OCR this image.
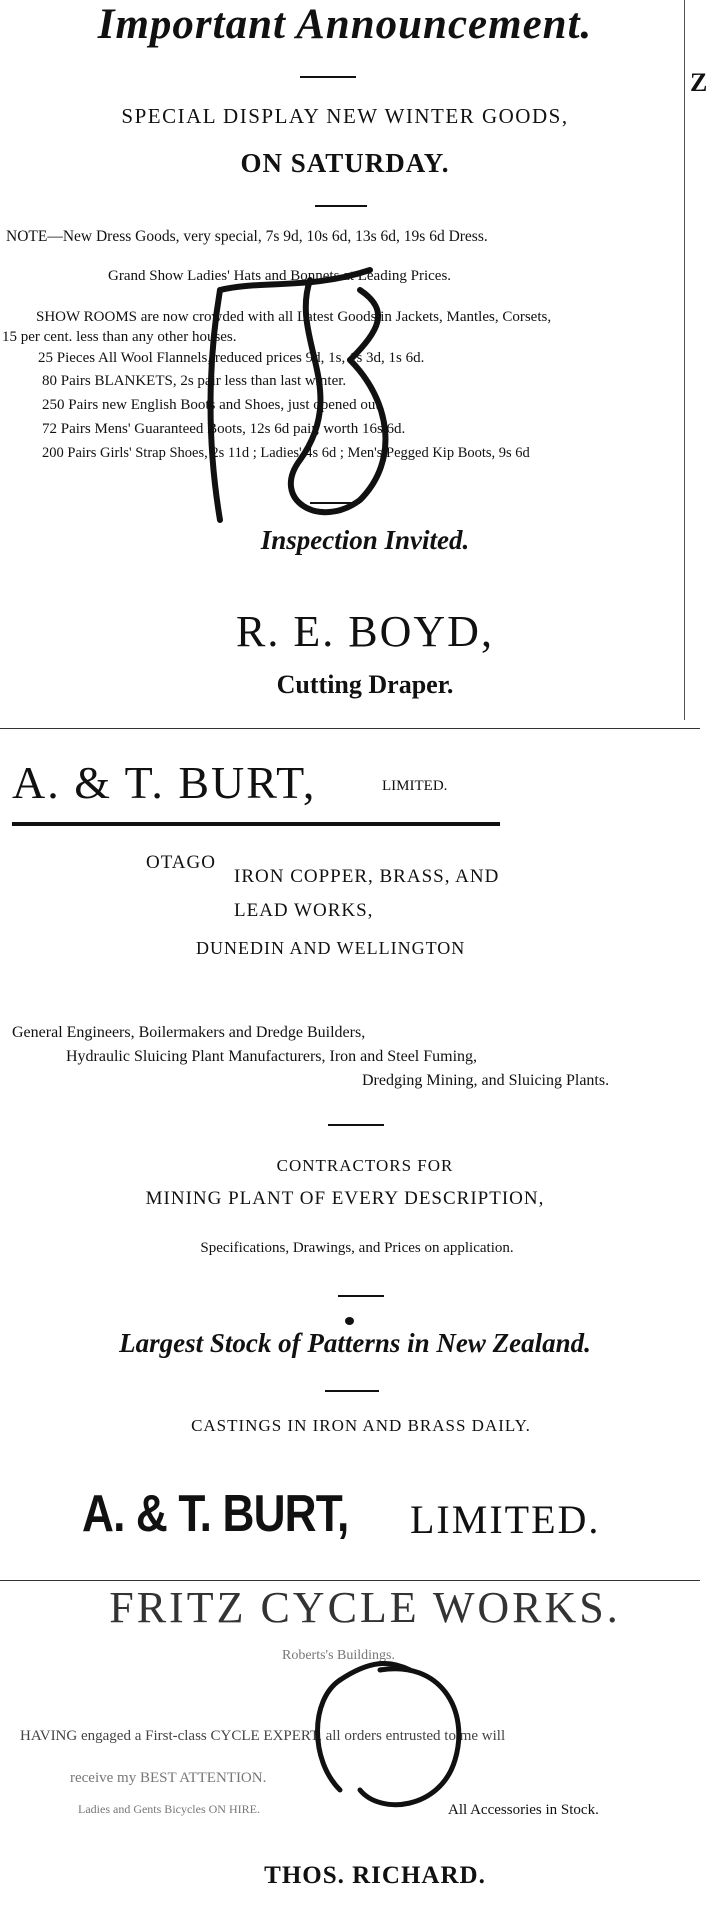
Important Announcement.
SPECIAL DISPLAY NEW WINTER GOODS,
ON SATURDAY.
NOTE—New Dress Goods, very special, 7s 9d, 10s 6d, 13s 6d, 19s 6d Dress.
Grand Show Ladies' Hats and Bonnets at Leading Prices.
SHOW ROOMS are now crowded with all Latest Goods in Jackets, Mantles, Corsets,
15 per cent. less than any other houses.
25 Pieces All Wool Flannels, reduced prices 9d, 1s, 1s 3d, 1s 6d.
80 Pairs BLANKETS, 2s pair less than last winter.
250 Pairs new English Boots and Shoes, just opened out.
72 Pairs Mens' Guaranteed Boots, 12s 6d pair, worth 16s 6d.
200 Pairs Girls' Strap Shoes, 2s 11d ; Ladies' 4s 6d ; Men's Pegged Kip Boots, 9s 6d
Inspection Invited.
R. E. BOYD,
Cutting Draper.
Z
A. & T. BURT,	LIMITED.
OTAGO
IRON COPPER, BRASS, AND
LEAD WORKS,
DUNEDIN AND WELLINGTON
General Engineers, Boilermakers and Dredge Builders,
Hydraulic Sluicing Plant Manufacturers, Iron and Steel Fuming,
Dredging Mining, and Sluicing Plants.
CONTRACTORS FOR
MINING PLANT OF EVERY DESCRIPTION,
Specifications, Drawings, and Prices on application.
Largest Stock of Patterns in New Zealand.
CASTINGS IN IRON AND BRASS DAILY.
A. & T. BURT, LIMITED.
FRITZ CYCLE WORKS.
Roberts's Buildings.
HAVING engaged a First-class CYCLE EXPERT, all orders entrusted to me will
receive my BEST ATTENTION.
Ladies and Gents Bicycles ON HIRE.	All Accessories in Stock.
THOS. RICHARD.
